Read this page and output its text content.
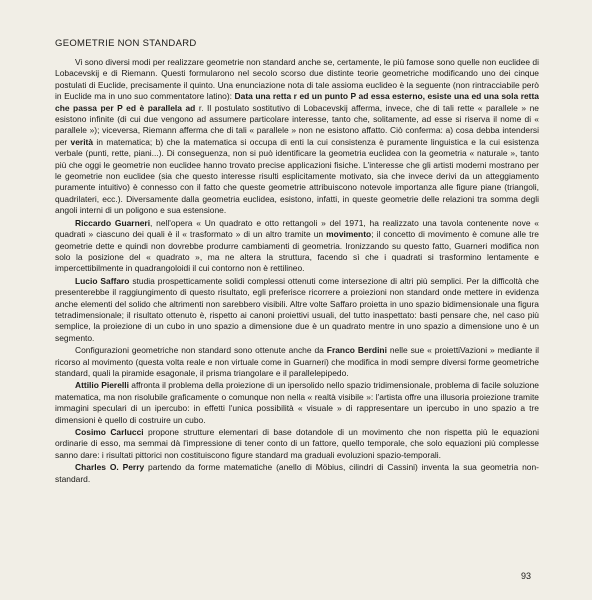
GEOMETRIE NON STANDARD

Vi sono diversi modi per realizzare geometrie non standard anche se, certamente, le più famose sono quelle non euclidee di Lobacevskij e di Riemann. Questi formularono nel secolo scorso due distinte teorie geometriche modificando uno dei cinque postulati di Euclide, precisamente il quinto. Una enunciazione nota di tale assioma euclideo è la seguente (non rintracciabile però in Euclide ma in uno suo commentatore latino): Data una retta r ed un punto P ad essa esterno, esiste una ed una sola retta che passa per P ed è parallela ad r. Il postulato sostitutivo di Lobacevskij afferma, invece, che di tali rette « parallele » ne esistono infinite (di cui due vengono ad assumere particolare interesse, tanto che, solitamente, ad esse si riserva il nome di « parallele »); viceversa, Riemann afferma che di tali « parallele » non ne esistono affatto. Ciò conferma: a) cosa debba intendersi per verità in matematica; b) che la matematica si occupa di enti la cui consistenza è puramente linguistica e la cui esistenza verbale (punti, rette, piani...). Di conseguenza, non si può identificare la geometria euclidea con la geometria « naturale », tanto più che oggi le geometrie non euclidee hanno trovato precise applicazioni fisiche. L'interesse che gli artisti moderni mostrano per le geometrie non euclidee (sia che questo interesse risulti esplicitamente motivato, sia che invece derivi da un atteggiamento puramente intuitivo) è connesso con il fatto che queste geometrie attribuiscono notevole importanza alle figure piane (triangoli, quadrilateri, ecc.). Diversamente dalla geometria euclidea, esistono, infatti, in queste geometrie delle relazioni tra somma degli angoli interni di un poligono e sua estensione.

Riccardo Guarneri, nell'opera « Un quadrato e otto rettangoli » del 1971, ha realizzato una tavola contenente nove « quadrati » ciascuno dei quali è il « trasformato » di un altro tramite un movimento; il concetto di movimento è comune alle tre geometrie dette e quindi non dovrebbe produrre cambiamenti di geometria. Ironizzando su questo fatto, Guarneri modifica non solo la posizione del « quadrato », ma ne altera la struttura, facendo sì che i quadrati si trasformino lentamente e impercettibilmente in quadrangoloidi il cui contorno non è rettilineo.

Lucio Saffaro studia prospetticamente solidi complessi ottenuti come intersezione di altri più semplici. Per la difficoltà che presenterebbe il raggiungimento di questo risultato, egli preferisce ricorrere a proiezioni non standard onde mettere in evidenza anche elementi del solido che altrimenti non sarebbero visibili. Altre volte Saffaro proietta in uno spazio bidimensionale una figura tetradimensionale; il risultato ottenuto è, rispetto ai canoni proiettivi usuali, del tutto inaspettato: basti pensare che, nel caso più semplice, la proiezione di un cubo in uno spazio a dimensione due è un quadrato mentre in uno spazio a dimensione uno è un segmento.

Configurazioni geometriche non standard sono ottenute anche da Franco Berdini nelle sue « proiettiVazioni » mediante il ricorso al movimento (questa volta reale e non virtuale come in Guarneri) che modifica in modi sempre diversi forme geometriche standard, quali la piramide esagonale, il prisma triangolare e il parallelepipedo.

Attilio Pierelli affronta il problema della proiezione di un ipersolido nello spazio tridimensionale, problema di facile soluzione matematica, ma non risolubile graficamente o comunque non nella « realtà visibile »: l'artista offre una illusoria proiezione tramite immagini speculari di un ipercubo: in effetti l'unica possibilità « visuale » di rappresentare un ipercubo in uno spazio a tre dimensioni è quello di costruire un cubo.

Cosimo Carlucci propone strutture elementari di base dotandole di un movimento che non rispetta più le equazioni ordinarie di esso, ma semmai dà l'impressione di tener conto di un fattore, quello temporale, che solo equazioni più complesse sanno dare: i risultati pittorici non costituiscono figure standard ma graduali evoluzioni spazio-temporali.

Charles O. Perry partendo da forme matematiche (anello di Möbius, cilindri di Cassini) inventa la sua geometria non-standard.

93
